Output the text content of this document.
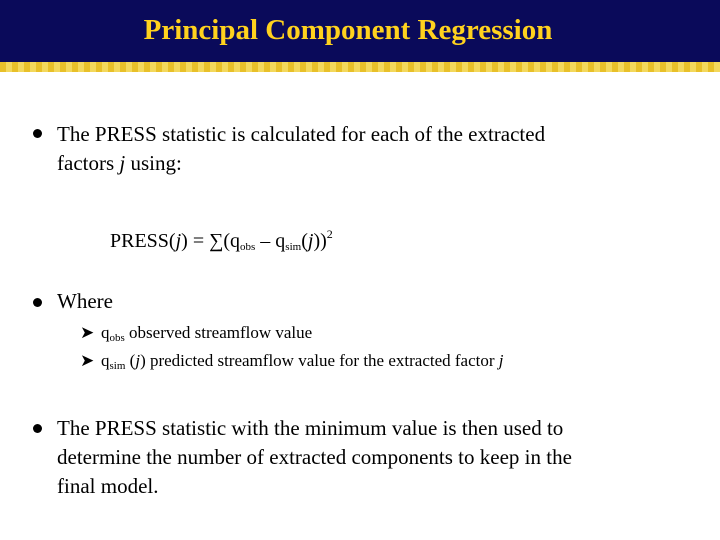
Principal Component Regression
The PRESS statistic is calculated for each of the extracted
factors j using:
PRESS(j) = $\sum(q_{obs} - q_{sim}(j))^2$
Where
➤ $q_{obs}$ observed streamflow value
➤ $q_{sim}$ (j) predicted streamflow value for the extracted factor j
The PRESS statistic with the minimum value is then used to
determine the number of extracted components to keep in the
final model.
